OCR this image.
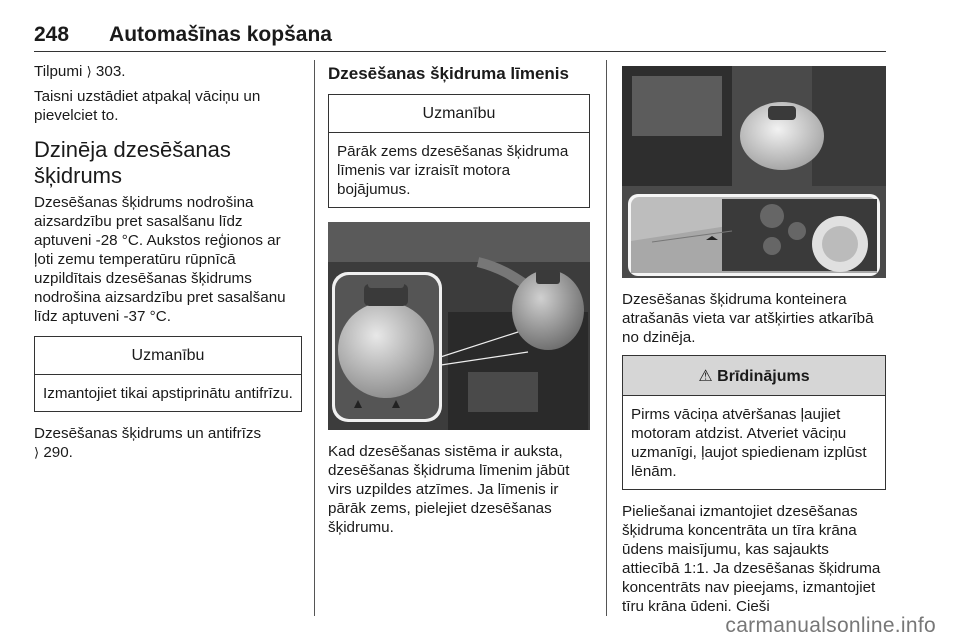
248 Automašīnas kopšana

Tilpumi ⟩ 303.

Taisni uzstādiet atpakaļ vāciņu un pievelciet to.

Dzinēja dzesēšanas šķidrums

Dzesēšanas šķidrums nodrošina aizsardzību pret sasalšanu līdz aptuveni -28 °C. Aukstos reģionos ar ļoti zemu temperatūru rūpnīcā uzpildītais dzesēšanas šķidrums nodrošina aizsardzību pret sasalšanu līdz aptuveni -37 °C.

Uzmanību
Izmantojiet tikai apstiprinātu antifrīzu.

Dzesēšanas šķidrums un antifrīzs
⟩ 290.

Dzesēšanas šķidruma līmenis
Uzmanību
Pārāk zems dzesēšanas šķidruma līmenis var izraisīt motora bojājumus.

Kad dzesēšanas sistēma ir auksta, dzesēšanas šķidruma līmenim jābūt virs uzpildes atzīmes. Ja līmenis ir pārāk zems, pielejiet dzesēšanas šķidrumu.

Dzesēšanas šķidruma konteinera atrašanās vieta var atšķirties atkarībā no dzinēja.

⚠ Brīdinājums
Pirms vāciņa atvēršanas ļaujiet motoram atdzist. Atveriet vāciņu uzmanīgi, ļaujot spiedienam izplūst lēnām.

Pieliešanai izmantojiet dzesēšanas šķidruma koncentrāta un tīra krāna ūdens maisījumu, kas sajaukts attiecībā 1:1. Ja dzesēšanas šķidruma koncentrāts nav pieejams, izmantojiet tīru krāna ūdeni. Cieši

carmanualsonline.info
